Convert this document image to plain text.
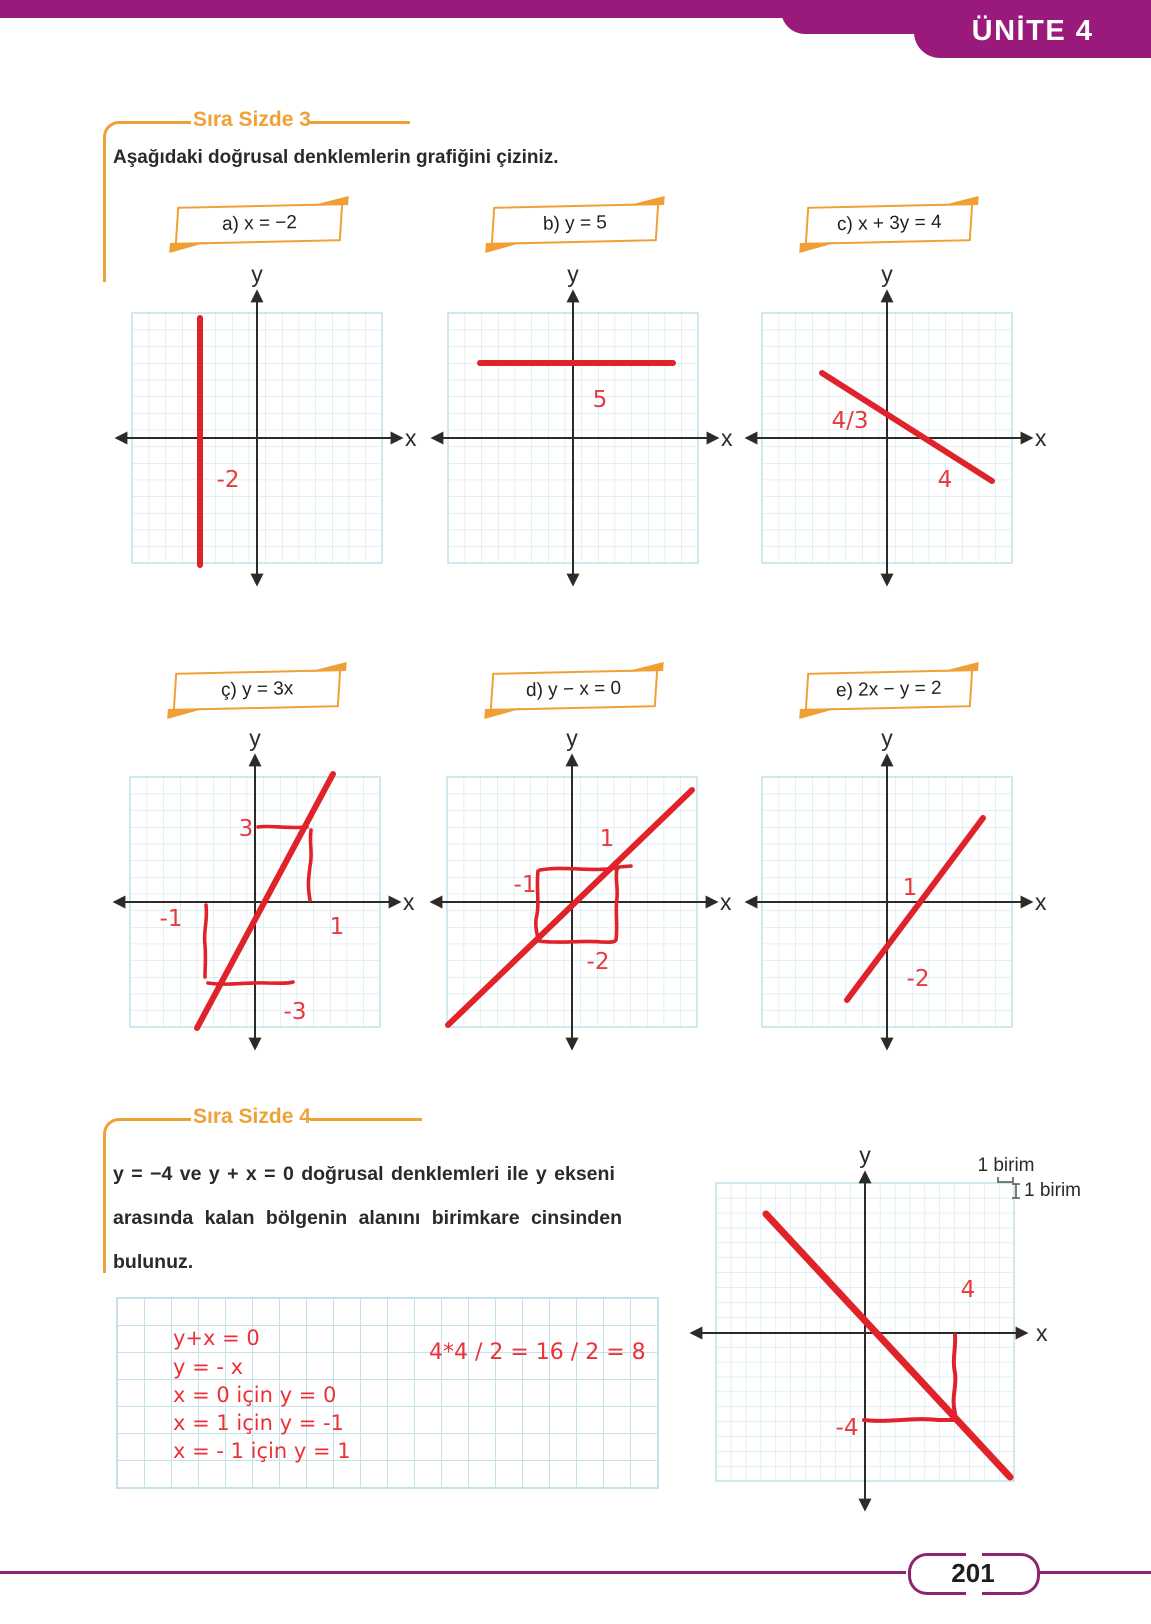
ÜNİTE 4
Sıra Sizde 3
Aşağıdaki doğrusal denklemlerin grafiğini çiziniz.
a) x = −2	b) y = 5	c) x + 3y = 4
y
x
-2
y
x
5
y
x
4/3
4
ç) y = 3x	d) y − x = 0	e) 2x − y = 2
y
x
3
1
-1
-3
y
x
1
-1
-2
y
x
1
-2
Sıra Sizde 4
y = −4 ve y + x = 0 doğrusal denklemleri ile y ekseni
arasında kalan bölgenin alanını birimkare cinsinden
bulunuz.
y+x = 0
y = - x
x = 0 için y = 0
x = 1 için y = -1
x = - 1 için y = 1
4*4 / 2 = 16 / 2 = 8
y
x
4
-4
1 birim
1 birim
201
